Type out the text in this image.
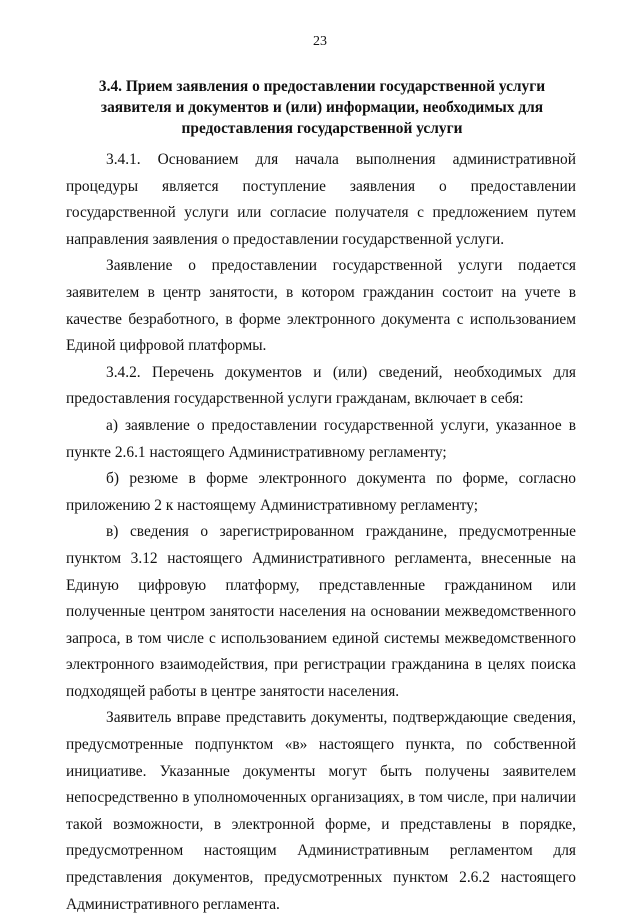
23
3.4. Прием заявления о предоставлении государственной услуги заявителя и документов и (или) информации, необходимых для предоставления государственной услуги

3.4.1. Основанием для начала выполнения административной процедуры является поступление заявления о предоставлении государственной услуги или согласие получателя с предложением путем направления заявления о предоставлении государственной услуги.

Заявление о предоставлении государственной услуги подается заявителем в центр занятости, в котором гражданин состоит на учете в качестве безработного, в форме электронного документа с использованием Единой цифровой платформы.

3.4.2. Перечень документов и (или) сведений, необходимых для предоставления государственной услуги гражданам, включает в себя:

а) заявление о предоставлении государственной услуги, указанное в пункте 2.6.1 настоящего Административному регламенту;

б) резюме в форме электронного документа по форме, согласно приложению 2 к настоящему Административному регламенту;

в) сведения о зарегистрированном гражданине, предусмотренные пунктом 3.12 настоящего Административного регламента, внесенные на Единую цифровую платформу, представленные гражданином или полученные центром занятости населения на основании межведомственного запроса, в том числе с использованием единой системы межведомственного электронного взаимодействия, при регистрации гражданина в целях поиска подходящей работы в центре занятости населения.

Заявитель вправе представить документы, подтверждающие сведения, предусмотренные подпунктом «в» настоящего пункта, по собственной инициативе. Указанные документы могут быть получены заявителем непосредственно в уполномоченных организациях, в том числе, при наличии такой возможности, в электронной форме, и представлены в порядке, предусмотренном настоящим Административным регламентом для представления документов, предусмотренных пунктом 2.6.2 настоящего Административного регламента.
